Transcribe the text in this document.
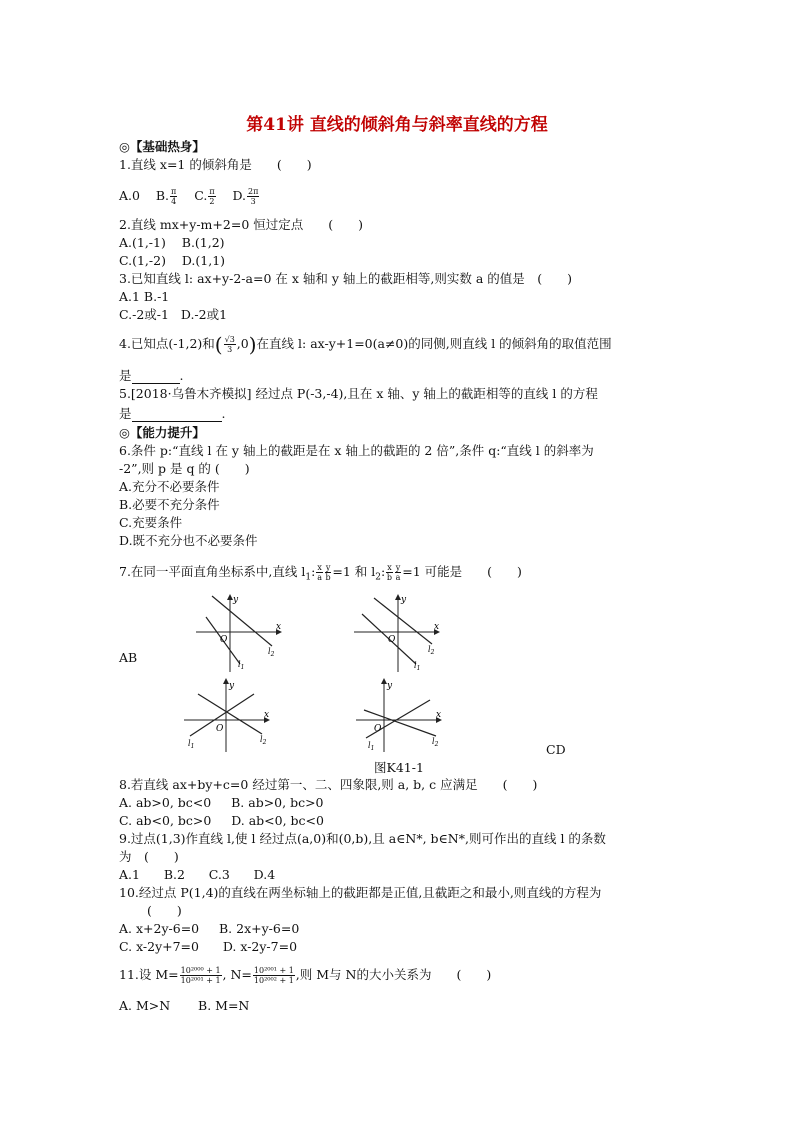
第41讲 直线的倾斜角与斜率直线的方程
◎【基础热身】
1.直线 x=1 的倾斜角是　　(　　)
A.0 B. $\frac{\pi}{4} C$. $\frac{\pi}{2} D$. $\frac{2\pi}{3}$
2.直线 mx+y-m+2=0 恒过定点　　(　　)
A.(1,-1) B.(1,2)
C.(1,-2) D.(1,1)
3.已知直线 l: ax+y-2-a=0 在 x 轴和 y 轴上的截距相等,则实数 a 的值是　(　　)
A.1 B.-1
C.-2或-1 D.-2或1
4.已知点(-1,2)和( $\frac{√3}{3} ,0$)在直线 l: ax-y+1=0(a≠0)的同侧,则直线 l 的倾斜角的取值范围
是	.
5.[2018·乌鲁木齐模拟] 经过点 P(-3,-4),且在 x 轴、y 轴上的截距相等的直线 l 的方程
是	.
◎【能力提升】
6.条件 p:“直线 l 在 y 轴上的截距是在 x 轴上的截距的 2 倍”,条件 q:“直线 l 的斜率为
-2”,则 p 是 q 的 (　　)
A.充分不必要条件
B.必要不充分条件
C.充要条件
D.既不充分也不必要条件
7.在同一平面直角坐标系中,直线 $l_1$: $\frac{x}{a} \frac{y}{b} =1$ 和 $l_2$: $\frac{x}{b} \frac{y}{a} =1$ 可能是　　(　　)
y
x
O
$l_1$
$l_2$
y
x
O
$l_1$
$l_2$
AB
y
x
O
$l_1$
$l_2$
y
x
O
$l_1$
$l_2$	CD
图K41-1
8.若直线 ax+by+c=0 经过第一、二、四象限,则 a, b, c 应满足　　(　　)
A. ab>0, bc<0 B. ab>0, bc>0
C. ab<0, bc>0 D. ab<0, bc<0
9.过点(1,3)作直线 l,使 l 经过点(a,0)和(0,b),且 a∈N*, b∈N*,则可作出的直线 l 的条数
为　(　　)
A.1 B.2 C.3 D.4
10.经过点 P(1,4)的直线在两坐标轴上的截距都是正值,且截距之和最小,则直线的方程为
(　　)
A. x+2y-6=0 B. 2x+y-6=0
C. x-2y+7=0 D. x-2y-7=0
11.设 $M= \frac{\text{10²⁰⁰⁰ + 1}}{\text{10²⁰⁰¹ + 1}}$ , $N= \frac{\text{10²⁰⁰¹ + 1}}{\text{10²⁰⁰² + 1}}$ ,则 M与 N的大小关系为　　(　　)
A. M>N B. M=N
